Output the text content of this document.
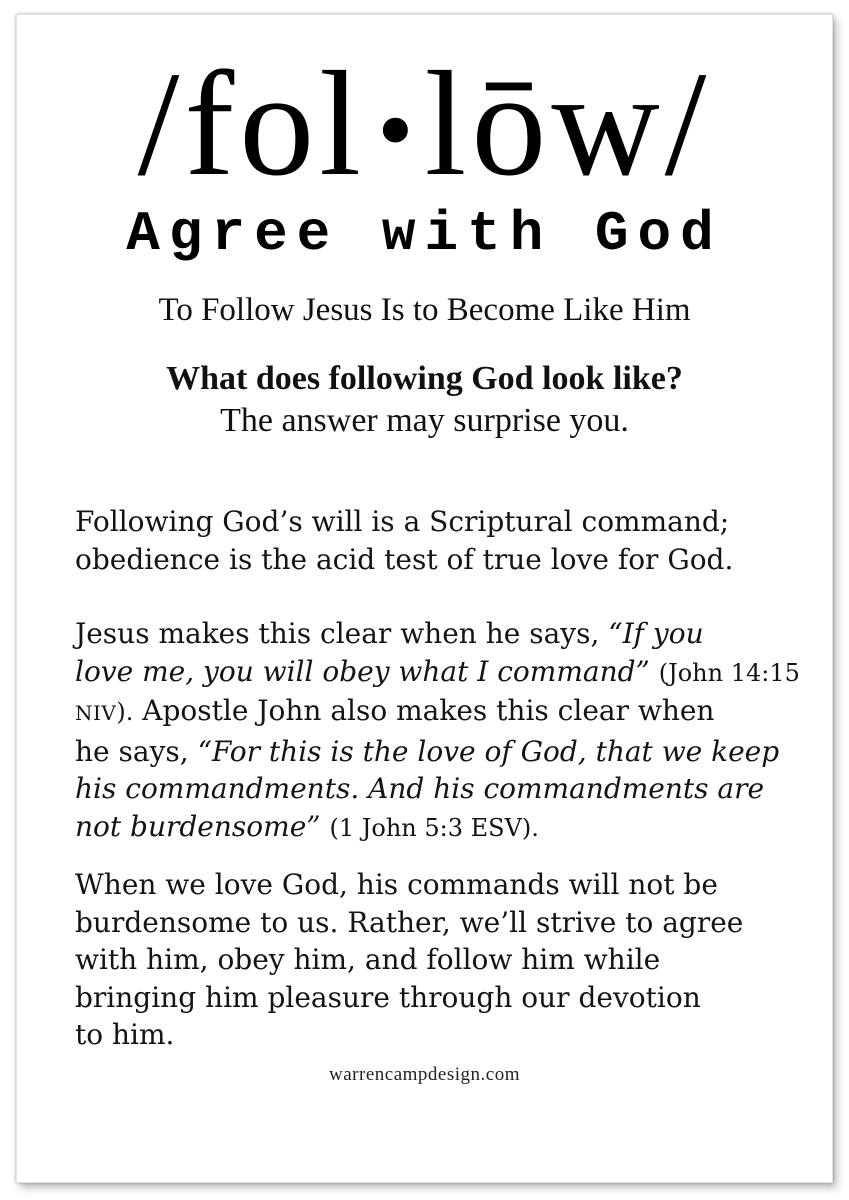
/fol•lōw/
Agree with God
To Follow Jesus Is to Become Like Him
What does following God look like?
The answer may surprise you.

Following God’s will is a Scriptural command;
obedience is the acid test of true love for God.

Jesus makes this clear when he says, “If you
love me, you will obey what I command” (John 14:15
NIV). Apostle John also makes this clear when
he says, “For this is the love of God, that we keep
his commandments. And his commandments are
not burdensome” (1 John 5:3 ESV).

When we love God, his commands will not be
burdensome to us. Rather, we’ll strive to agree
with him, obey him, and follow him while
bringing him pleasure through our devotion
to him.

warrencampdesign.com
